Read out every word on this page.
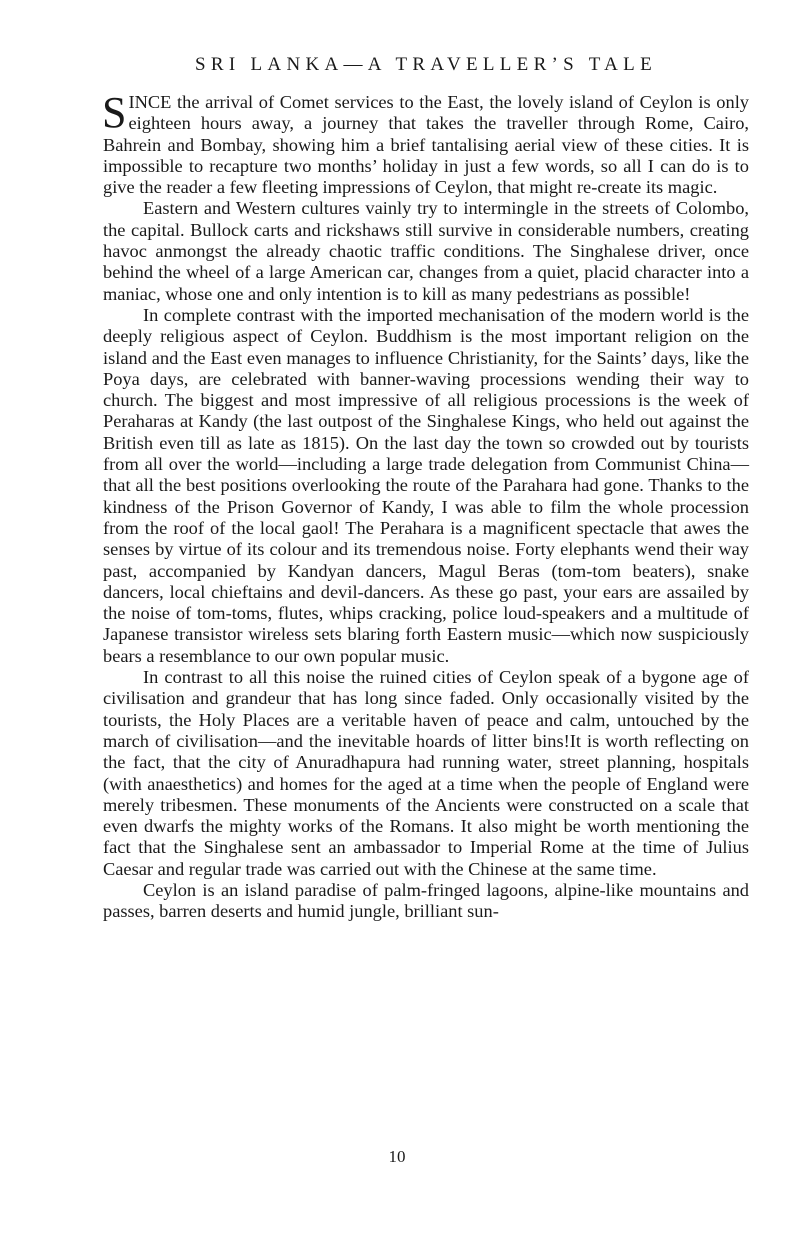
SRI LANKA—A TRAVELLERʼS TALE

SINCE the arrival of Comet services to the East, the lovely island of Ceylon is only eighteen hours away, a journey that takes the traveller through Rome, Cairo, Bahrein and Bombay, showing him a brief tantalising aerial view of these cities. It is impossible to recapture two months’ holiday in just a few words, so all I can do is to give the reader a few fleeting impressions of Ceylon, that might re-create its magic.

Eastern and Western cultures vainly try to intermingle in the streets of Colombo, the capital. Bullock carts and rickshaws still survive in considerable numbers, creating havoc anmongst the already chaotic traffic conditions. The Singhalese driver, once behind the wheel of a large American car, changes from a quiet, placid character into a maniac, whose one and only intention is to kill as many pedestrians as possible!

In complete contrast with the imported mechanisation of the modern world is the deeply religious aspect of Ceylon. Buddhism is the most important religion on the island and the East even manages to influence Christianity, for the Saints’ days, like the Poya days, are celebrated with banner-waving processions wending their way to church. The biggest and most impressive of all religious processions is the week of Peraharas at Kandy (the last outpost of the Singhalese Kings, who held out against the British even till as late as 1815). On the last day the town so crowded out by tourists from all over the world—including a large trade delegation from Communist China—that all the best positions overlooking the route of the Parahara had gone. Thanks to the kindness of the Prison Governor of Kandy, I was able to film the whole procession from the roof of the local gaol! The Perahara is a magnificent spectacle that awes the senses by virtue of its colour and its tremendous noise. Forty elephants wend their way past, accompanied by Kandyan dancers, Magul Beras (tom-tom beaters), snake dancers, local chieftains and devil-dancers. As these go past, your ears are assailed by the noise of tom-toms, flutes, whips cracking, police loud-speakers and a multitude of Japanese transistor wireless sets blaring forth Eastern music—which now suspiciously bears a resemblance to our own popular music.

In contrast to all this noise the ruined cities of Ceylon speak of a bygone age of civilisation and grandeur that has long since faded. Only occasionally visited by the tourists, the Holy Places are a veritable haven of peace and calm, untouched by the march of civilisation—and the inevitable hoards of litter bins!It is worth reflecting on the fact, that the city of Anuradhapura had running water, street planning, hospitals (with anaesthetics) and homes for the aged at a time when the people of England were merely tribesmen. These monuments of the Ancients were constructed on a scale that even dwarfs the mighty works of the Romans. It also might be worth mentioning the fact that the Singhalese sent an ambassador to Imperial Rome at the time of Julius Caesar and regular trade was carried out with the Chinese at the same time.

Ceylon is an island paradise of palm-fringed lagoons, alpine-like mountains and passes, barren deserts and humid jungle, brilliant sun-

10
